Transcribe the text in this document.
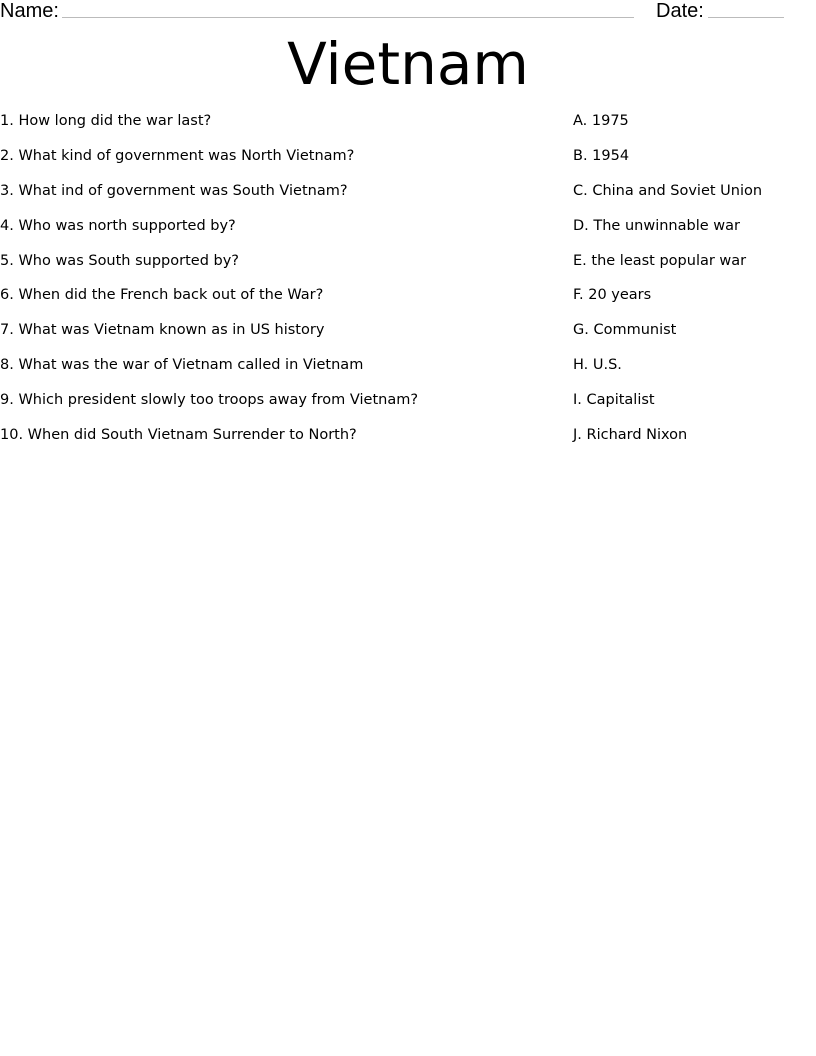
Name:	Date:
Vietnam
1. How long did the war last?
2. What kind of government was North Vietnam?
3. What ind of government was South Vietnam?
4. Who was north supported by?
5. Who was South supported by?
6. When did the French back out of the War?
7. What was Vietnam known as in US history
8. What was the war of Vietnam called in Vietnam
9. Which president slowly too troops away from Vietnam?
10. When did South Vietnam Surrender to North?
A. 1975
B. 1954
C. China and Soviet Union
D. The unwinnable war
E. the least popular war
F. 20 years
G. Communist
H. U.S.
I. Capitalist
J. Richard Nixon
